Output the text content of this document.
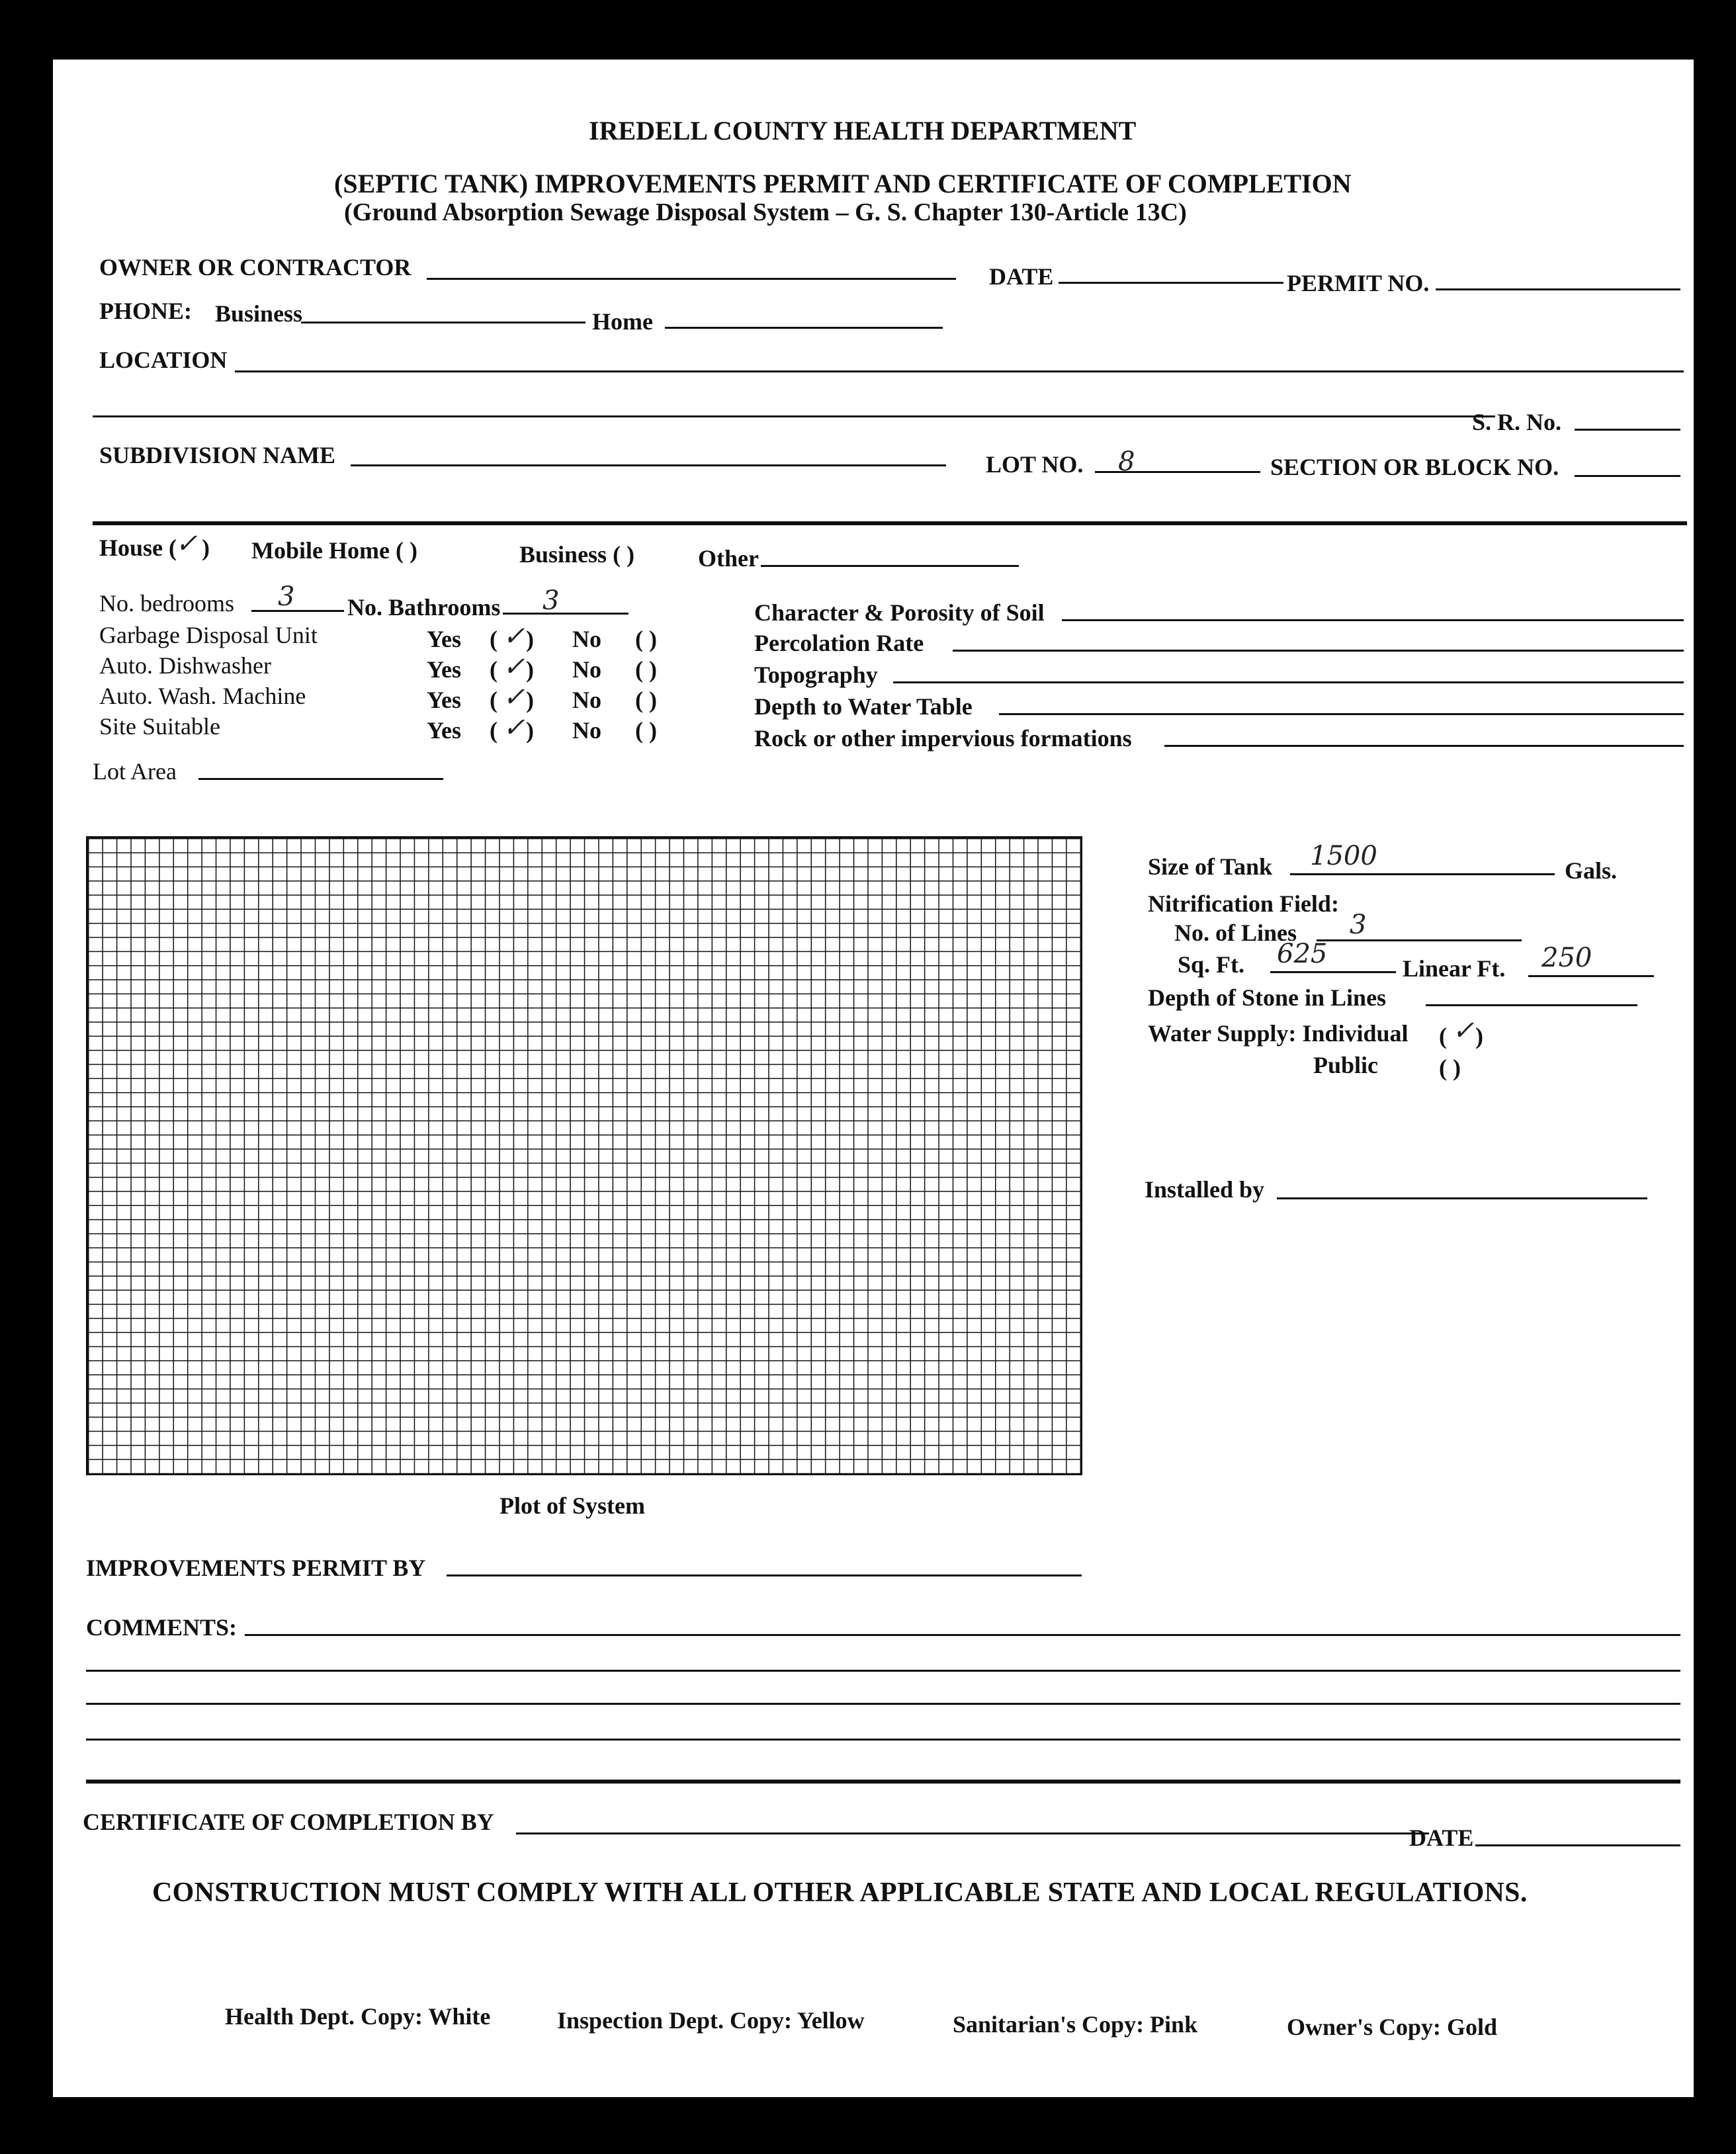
IREDELL COUNTY HEALTH DEPARTMENT
(SEPTIC TANK) IMPROVEMENTS PERMIT AND CERTIFICATE OF COMPLETION
(Ground Absorption Sewage Disposal System – G. S. Chapter 130-Article 13C)
OWNER OR CONTRACTOR	DATE	PERMIT NO.
PHONE: Business	Home
LOCATION
S. R. No.
SUBDIVISION NAME	LOT NO. 8	SECTION OR BLOCK NO.
House (
✓ ) Mobile Home ( )	Business ( )	Other
No. bedrooms 3 No. Bathrooms 3
Garbage Disposal Unit	Yes ( ✓ ) No ( )
Auto. Dishwasher	Yes ( ✓ ) No ( )
Auto. Wash. Machine	Yes ( ✓ ) No ( )
Site Suitable	Yes ( ✓ ) No ( )
Lot Area
Character & Porosity of Soil
Percolation Rate
Topography
Depth to Water Table
Rock or other impervious formations
Plot of System
Size of Tank 1500	Gals.
Nitrification Field:
No. of Lines 3
Sq. Ft. 625	Linear Ft. 250
Depth of Stone in Lines
Water Supply: Individual ( ✓ )
Public	( )
Installed by
IMPROVEMENTS PERMIT BY
COMMENTS:
CERTIFICATE OF COMPLETION BY
DATE
CONSTRUCTION MUST COMPLY WITH ALL OTHER APPLICABLE STATE AND LOCAL REGULATIONS.
Health Dept. Copy: White	Inspection Dept. Copy: Yellow	Sanitarian's Copy: Pink	Owner's Copy: Gold
